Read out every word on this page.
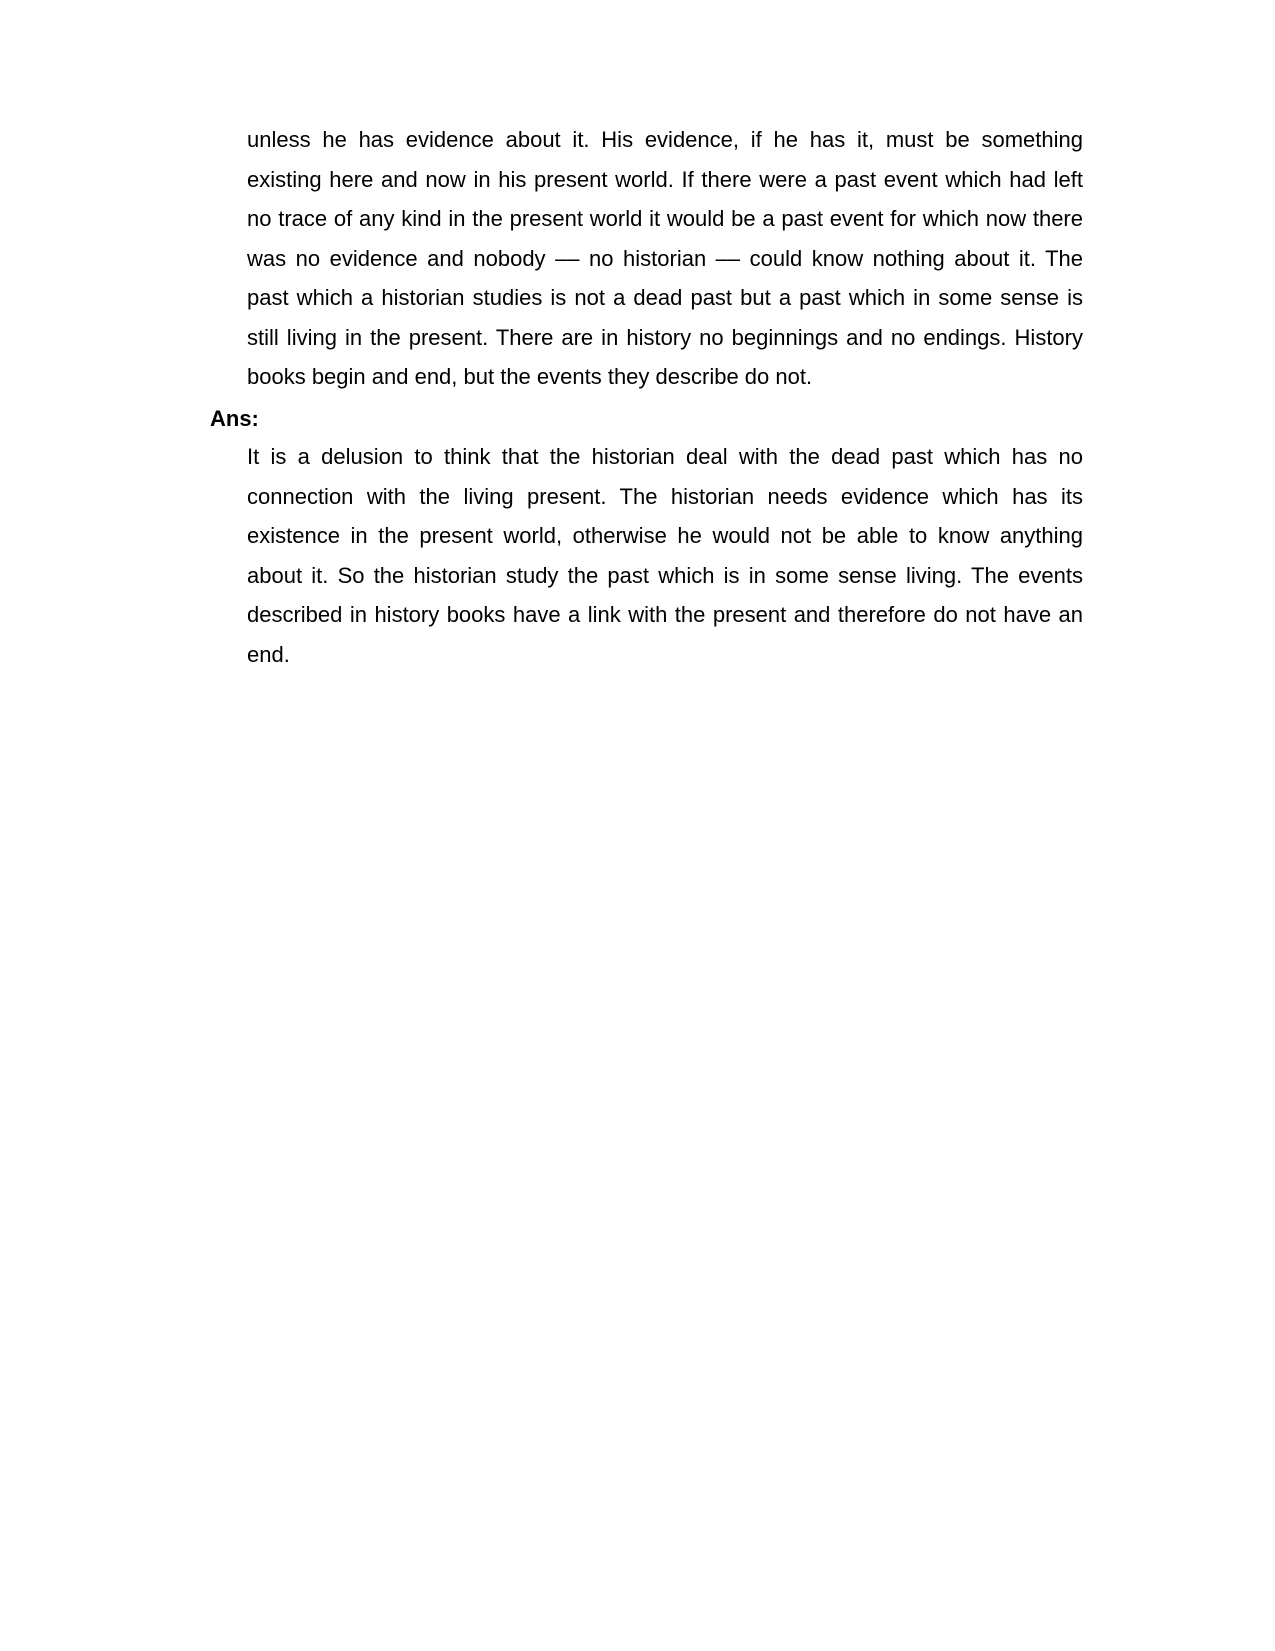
unless he has evidence about it. His evidence, if he has it, must be something existing here and now in his present world. If there were a past event which had left no trace of any kind in the present world it would be a past event for which now there was no evidence and nobody –– no historian –– could know nothing about it. The past which a historian studies is not a dead past but a past which in some sense is still living in the present. There are in history no beginnings and no endings. History books begin and end, but the events they describe do not.

Ans:

It is a delusion to think that the historian deal with the dead past which has no connection with the living present. The historian needs evidence which has its existence in the present world, otherwise he would not be able to know anything about it. So the historian study the past which is in some sense living. The events described in history books have a link with the present and therefore do not have an end.
